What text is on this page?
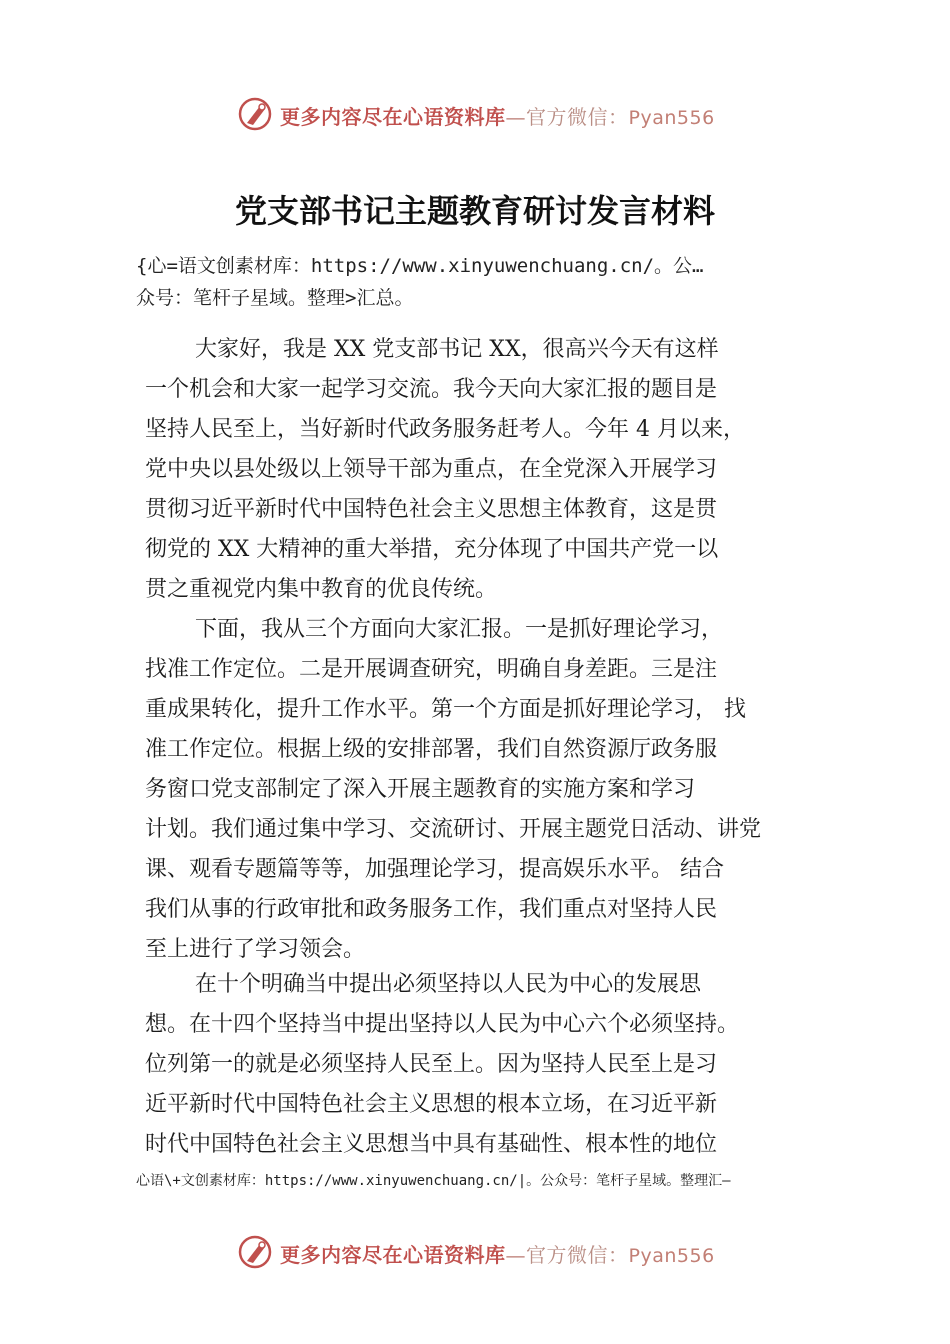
更多内容尽在心语资料库—官方微信：Pyan556
党支部书记主题教育研讨发言材料
{心=语文创素材库：https://www.xinyuwenchuang.cn/。公…
众号：笔杆子星域。整理>汇总。
大家好，我是 XX 党支部书记 XX，很高兴今天有这样
一个机会和大家一起学习交流。我今天向大家汇报的题目是
坚持人民至上，当好新时代政务服务赶考人。今年 4 月以来，
党中央以县处级以上领导干部为重点，在全党深入开展学习
贯彻习近平新时代中国特色社会主义思想主体教育，这是贯
彻党的 XX 大精神的重大举措，充分体现了中国共产党一以
贯之重视党内集中教育的优良传统。
下面，我从三个方面向大家汇报。一是抓好理论学习，
找准工作定位。二是开展调查研究，明确自身差距。三是注
重成果转化，提升工作水平。第一个方面是抓好理论学习， 找
准工作定位。根据上级的安排部署，我们自然资源厅政务服
务窗口党支部制定了深入开展主题教育的实施方案和学习
计划。我们通过集中学习、交流研讨、开展主题党日活动、讲党
课、观看专题篇等等，加强理论学习，提高娱乐水平。 结合
我们从事的行政审批和政务服务工作，我们重点对坚持人民
至上进行了学习领会。
在十个明确当中提出必须坚持以人民为中心的发展思
想。在十四个坚持当中提出坚持以人民为中心六个必须坚持。
位列第一的就是必须坚持人民至上。因为坚持人民至上是习
近平新时代中国特色社会主义思想的根本立场，在习近平新
时代中国特色社会主义思想当中具有基础性、根本性的地位
心语\+文创素材库：https://www.xinyuwenchuang.cn/|。公众号：笔杆子星域。整理汇—
更多内容尽在心语资料库—官方微信：Pyan556
